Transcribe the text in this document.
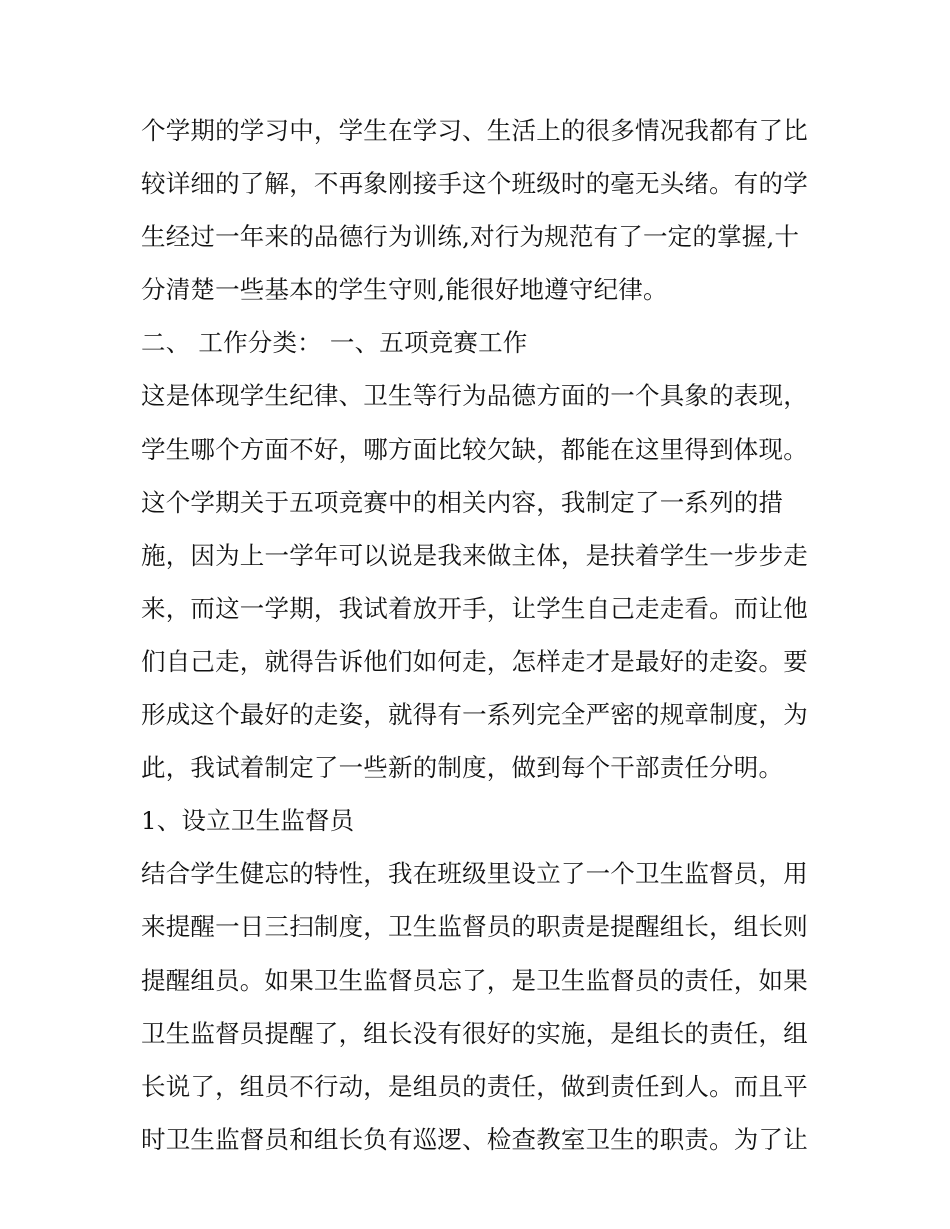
个学期的学习中，学生在学习、生活上的很多情况我都有了比
较详细的了解，不再象刚接手这个班级时的毫无头绪。有的学
生经过一年来的品德行为训练,对行为规范有了一定的掌握,十
分清楚一些基本的学生守则,能很好地遵守纪律。
二、 工作分类： 一、五项竞赛工作
这是体现学生纪律、卫生等行为品德方面的一个具象的表现，
学生哪个方面不好，哪方面比较欠缺，都能在这里得到体现。
这个学期关于五项竞赛中的相关内容，我制定了一系列的措
施，因为上一学年可以说是我来做主体，是扶着学生一步步走
来，而这一学期，我试着放开手，让学生自己走走看。而让他
们自己走，就得告诉他们如何走，怎样走才是最好的走姿。要
形成这个最好的走姿，就得有一系列完全严密的规章制度，为
此，我试着制定了一些新的制度，做到每个干部责任分明。
1、设立卫生监督员
结合学生健忘的特性，我在班级里设立了一个卫生监督员，用
来提醒一日三扫制度，卫生监督员的职责是提醒组长，组长则
提醒组员。如果卫生监督员忘了，是卫生监督员的责任，如果
卫生监督员提醒了，组长没有很好的实施，是组长的责任，组
长说了，组员不行动，是组员的责任，做到责任到人。而且平
时卫生监督员和组长负有巡逻、检查教室卫生的职责。为了让
